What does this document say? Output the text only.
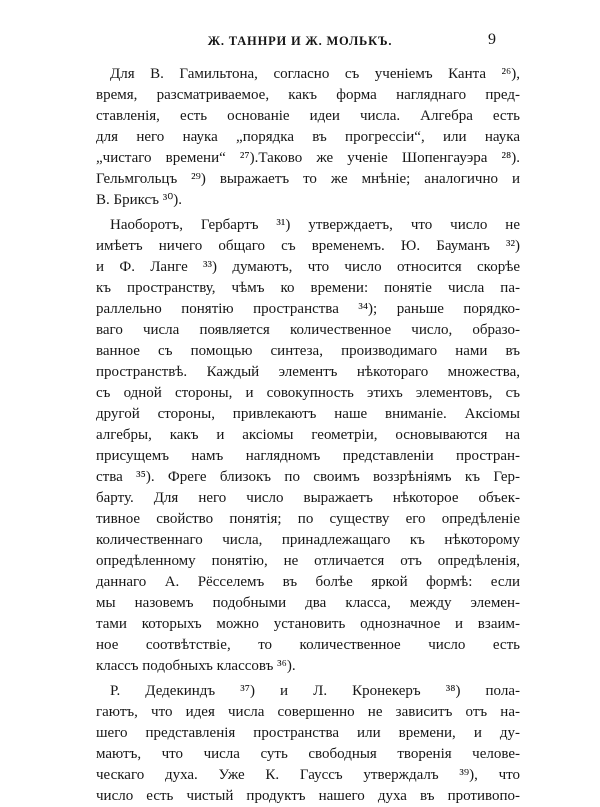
Ж. ТАННРИ И Ж. МОЛЬКЪ.	9
Для В. Гамильтона, согласно съ ученіемъ Канта ²⁶),
время, разсматриваемое, какъ форма нагляднаго пред-
ставленія, есть основаніе идеи числа. Алгебра есть
для него наука „порядка въ прогрессіи“, или наука
„чистаго времени“ ²⁷).Таково же ученіе Шопенгауэра ²⁸).
Гельмгольцъ ²⁹) выражаетъ то же мнѣніе; аналогично и
В. Бриксъ ³⁰).
Наоборотъ, Гербартъ ³¹) утверждаетъ, что число не
имѣетъ ничего общаго съ временемъ. Ю. Бауманъ ³²)
и Ф. Ланге ³³) думаютъ, что число относится скорѣе
къ пространству, чѣмъ ко времени: понятіе числа па-
раллельно понятію пространства ³⁴); раньше порядко-
ваго числа появляется количественное число, образо-
ванное съ помощью синтеза, производимаго нами въ
пространствѣ. Каждый элементъ нѣкотораго множества,
съ одной стороны, и совокупность этихъ элементовъ, съ
другой стороны, привлекаютъ наше вниманіе. Аксіомы
алгебры, какъ и аксіомы геометріи, основываются на
присущемъ намъ наглядномъ представленіи простран-
ства ³⁵). Фреге близокъ по своимъ воззрѣніямъ къ Гер-
барту. Для него число выражаетъ нѣкоторое объек-
тивное свойство понятія; по существу его опредѣленіе
количественнаго числа, принадлежащаго къ нѣкоторому
опредѣленному понятію, не отличается отъ опредѣленія,
даннаго А. Рёсселемъ въ болѣе яркой формѣ: если
мы назовемъ подобными два класса, между элемен-
тами которыхъ можно установить однозначное и взаим-
ное соотвѣтствіе, то количественное число есть
классъ подобныхъ классовъ ³⁶).
Р. Дедекиндъ ³⁷) и Л. Кронекеръ ³⁸) пола-
гаютъ, что идея числа совершенно не зависитъ отъ на-
шего представленія пространства или времени, и ду-
маютъ, что числа суть свободныя творенія челове-
ческаго духа. Уже К. Гауссъ утверждалъ ³⁹), что
число есть чистый продуктъ нашего духа въ противопо-
